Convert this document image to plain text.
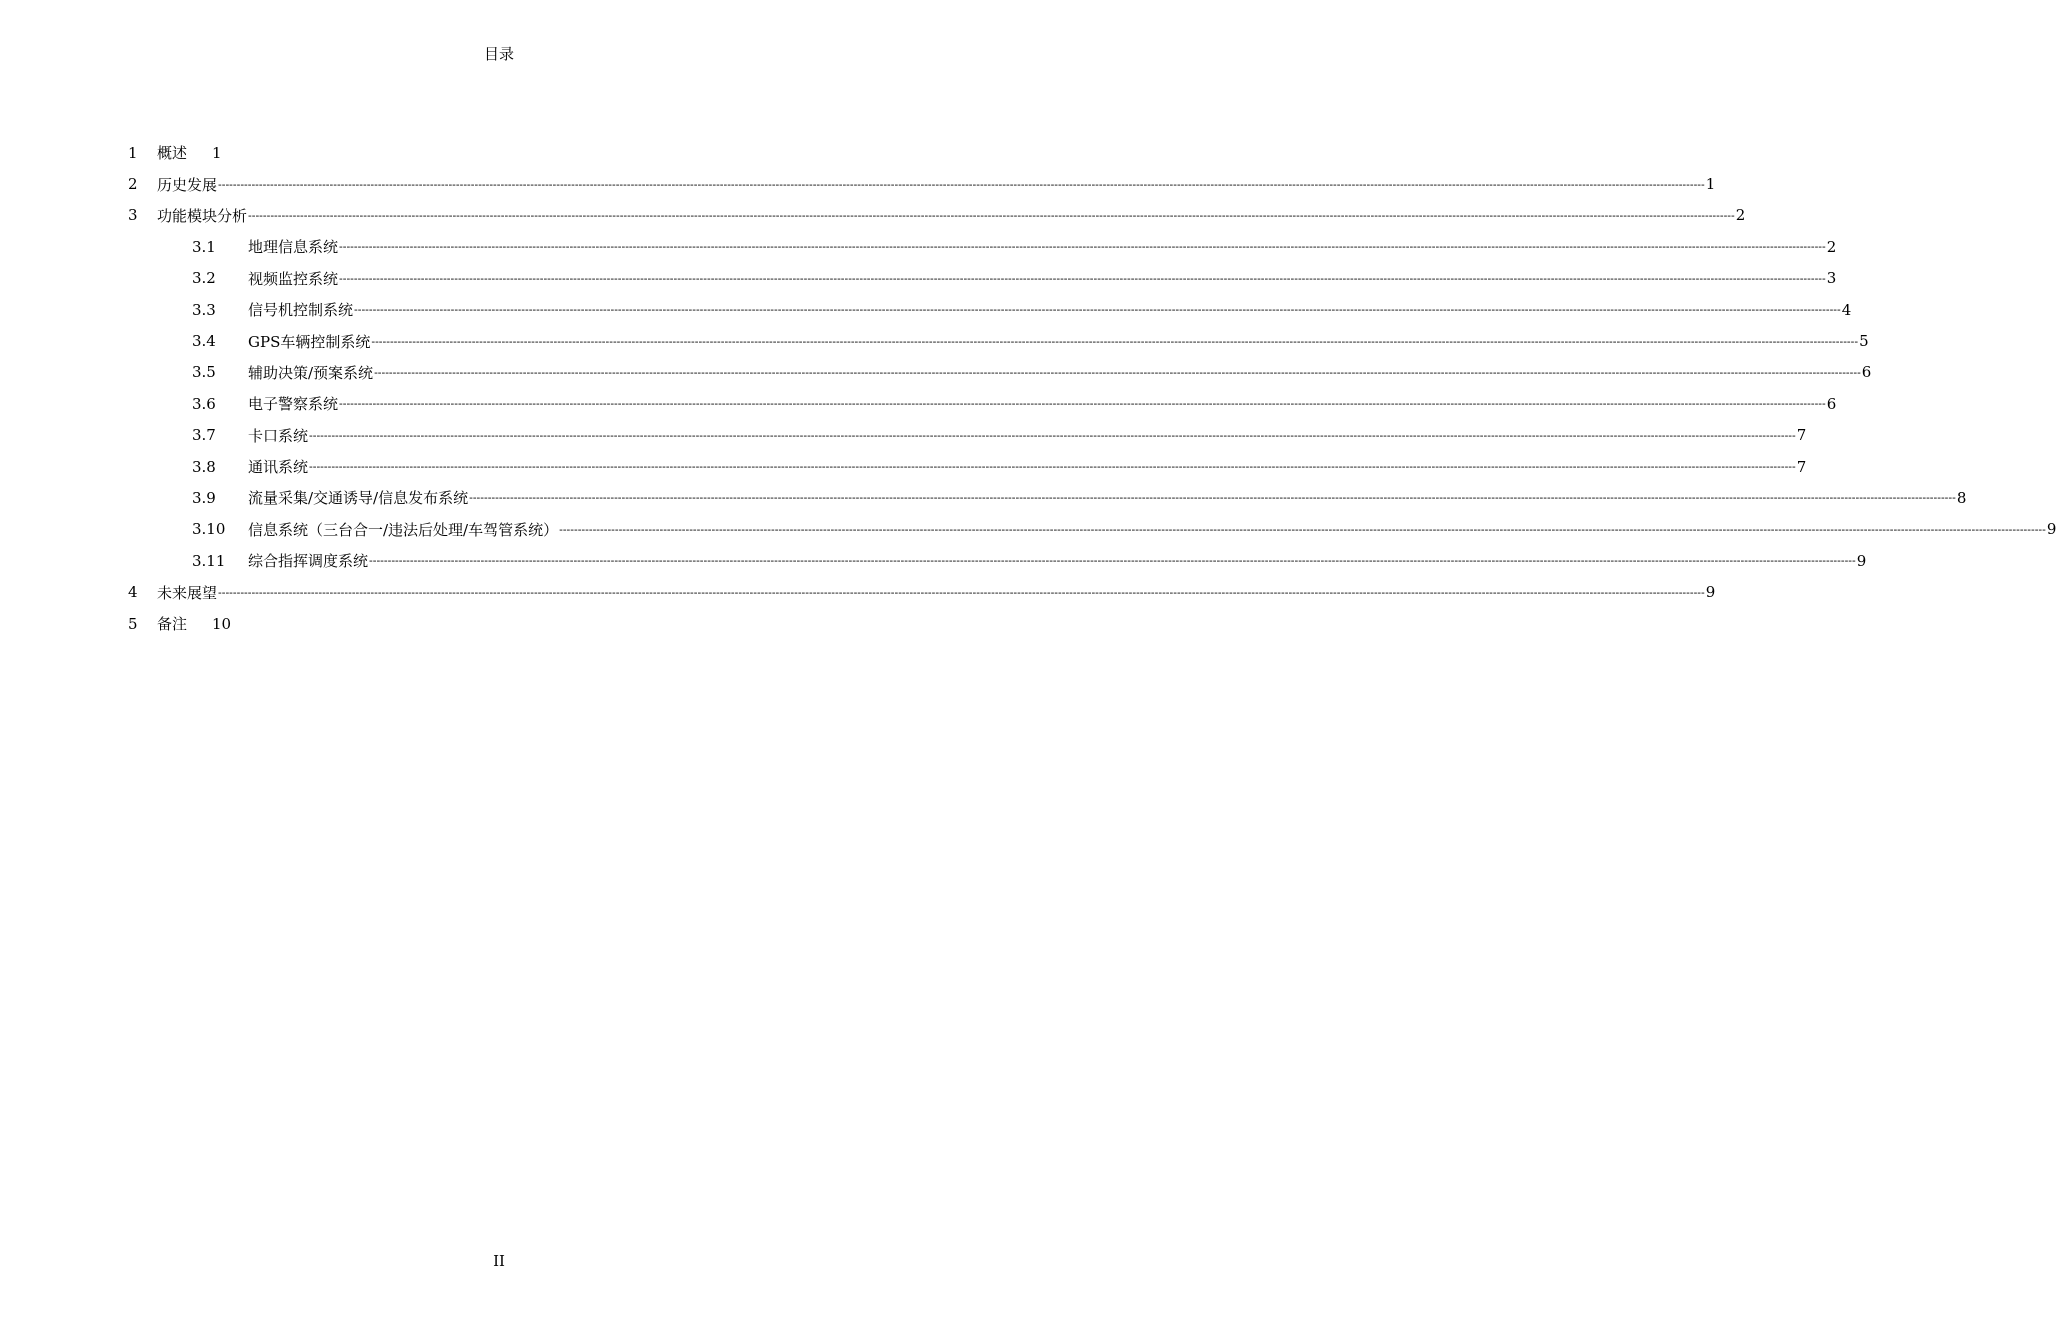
目录
1	概述 1
2	历史发展 ---------------------------------------------------------------------------------------------------------------------------------------------------------------------------------------------------------------------------------------------------------------------------------------------------------------------------------------------------------------------------------------------------------------- 1
3	功能模块分析 ---------------------------------------------------------------------------------------------------------------------------------------------------------------------------------------------------------------------------------------------------------------------------------------------------------------------------------------------------------------------------------------------------------------- 2
3.1	地理信息系统 ---------------------------------------------------------------------------------------------------------------------------------------------------------------------------------------------------------------------------------------------------------------------------------------------------------------------------------------------------------------------------------------------------------------- 2
3.2	视频监控系统 ---------------------------------------------------------------------------------------------------------------------------------------------------------------------------------------------------------------------------------------------------------------------------------------------------------------------------------------------------------------------------------------------------------------- 3
3.3	信号机控制系统 ---------------------------------------------------------------------------------------------------------------------------------------------------------------------------------------------------------------------------------------------------------------------------------------------------------------------------------------------------------------------------------------------------------------- 4
3.4	GPS车辆控制系统 ---------------------------------------------------------------------------------------------------------------------------------------------------------------------------------------------------------------------------------------------------------------------------------------------------------------------------------------------------------------------------------------------------------------- 5
3.5	辅助决策/预案系统 ---------------------------------------------------------------------------------------------------------------------------------------------------------------------------------------------------------------------------------------------------------------------------------------------------------------------------------------------------------------------------------------------------------------- 6
3.6	电子警察系统 ---------------------------------------------------------------------------------------------------------------------------------------------------------------------------------------------------------------------------------------------------------------------------------------------------------------------------------------------------------------------------------------------------------------- 6
3.7	卡口系统 ---------------------------------------------------------------------------------------------------------------------------------------------------------------------------------------------------------------------------------------------------------------------------------------------------------------------------------------------------------------------------------------------------------------- 7
3.8	通讯系统 ---------------------------------------------------------------------------------------------------------------------------------------------------------------------------------------------------------------------------------------------------------------------------------------------------------------------------------------------------------------------------------------------------------------- 7
3.9	流量采集/交通诱导/信息发布系统 ---------------------------------------------------------------------------------------------------------------------------------------------------------------------------------------------------------------------------------------------------------------------------------------------------------------------------------------------------------------------------------------------------------------- 8
3.10	信息系统（三台合一/违法后处理/车驾管系统） ---------------------------------------------------------------------------------------------------------------------------------------------------------------------------------------------------------------------------------------------------------------------------------------------------------------------------------------------------------------------------------------------------------------- 9
3.11	综合指挥调度系统 ---------------------------------------------------------------------------------------------------------------------------------------------------------------------------------------------------------------------------------------------------------------------------------------------------------------------------------------------------------------------------------------------------------------- 9
4	未来展望 ---------------------------------------------------------------------------------------------------------------------------------------------------------------------------------------------------------------------------------------------------------------------------------------------------------------------------------------------------------------------------------------------------------------- 9
5	备注 10
II
